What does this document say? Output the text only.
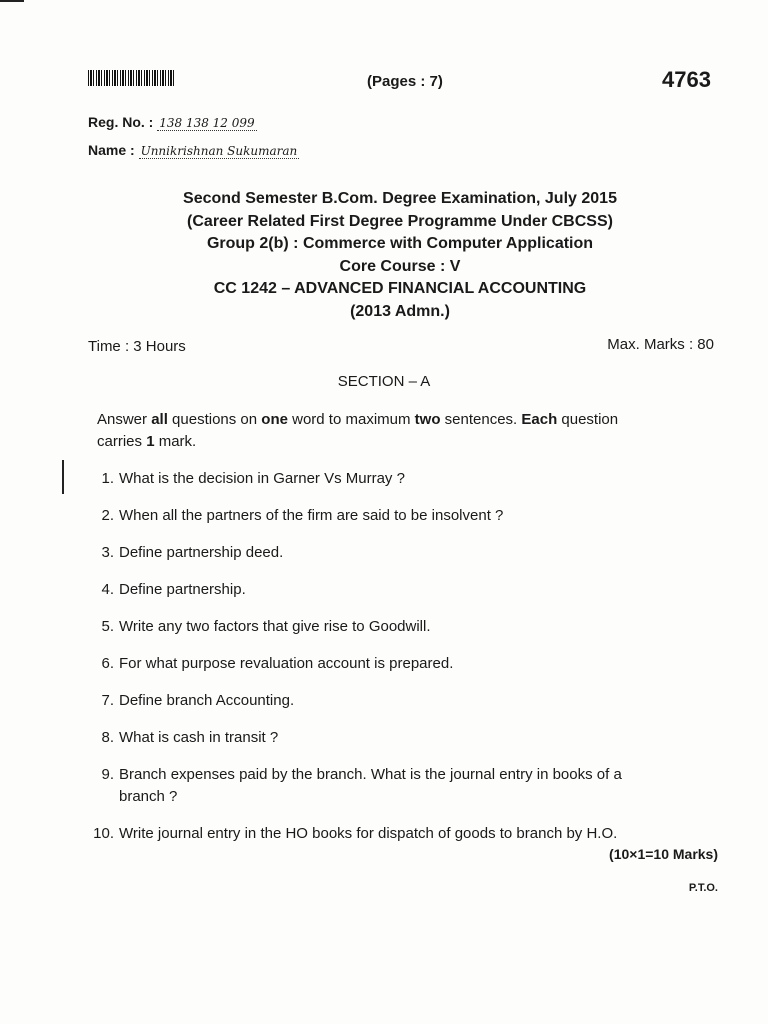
(Pages : 7)	4763
Reg. No. : 138 138 12 099
Name : Unnikrishnan Sukumaran
Second Semester B.Com. Degree Examination, July 2015
(Career Related First Degree Programme Under CBCSS)
Group 2(b) : Commerce with Computer Application
Core Course : V
CC 1242 – ADVANCED FINANCIAL ACCOUNTING
(2013 Admn.)
Time : 3 Hours	Max. Marks : 80
SECTION – A
Answer all questions on one word to maximum two sentences. Each question carries 1 mark.
1. What is the decision in Garner Vs Murray ?
2. When all the partners of the firm are said to be insolvent ?
3. Define partnership deed.
4. Define partnership.
5. Write any two factors that give rise to Goodwill.
6. For what purpose revaluation account is prepared.
7. Define branch Accounting.
8. What is cash in transit ?
9. Branch expenses paid by the branch. What is the journal entry in books of a branch ?
10. Write journal entry in the HO books for dispatch of goods to branch by H.O.
(10×1=10 Marks)
P.T.O.
